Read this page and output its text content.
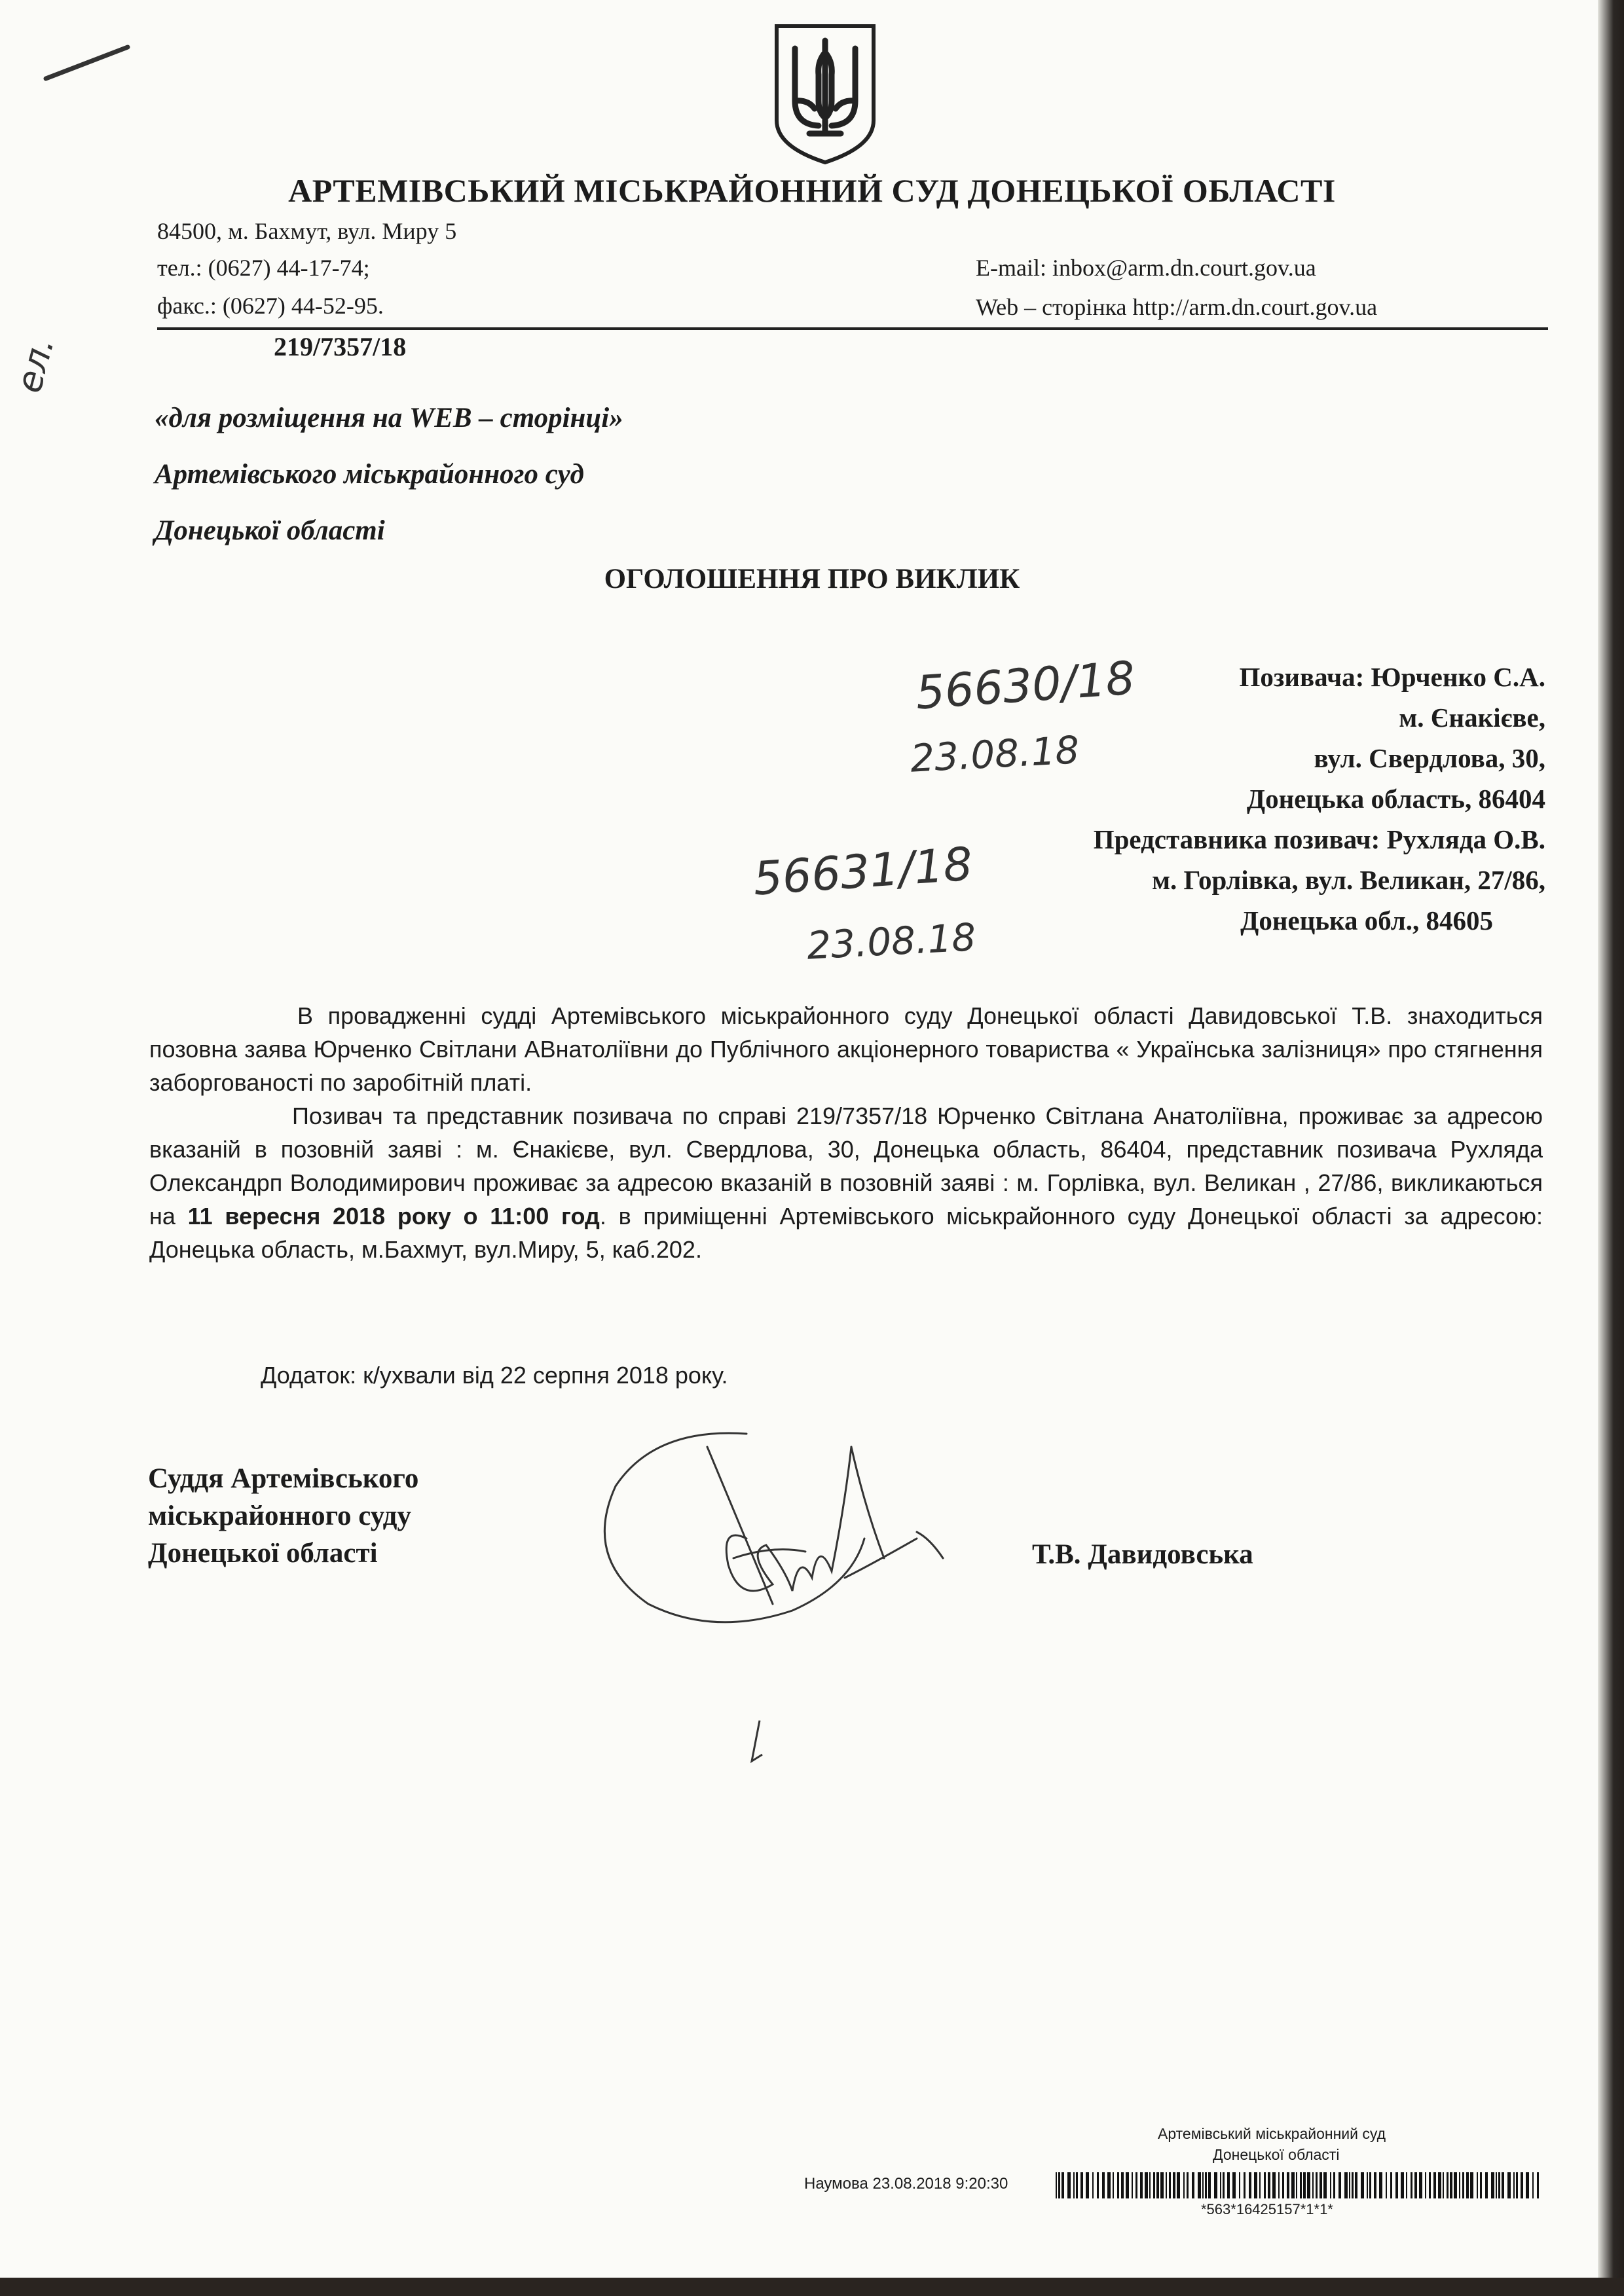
АРТЕМІВСЬКИЙ МІСЬКРАЙОННИЙ СУД ДОНЕЦЬКОЇ ОБЛАСТІ
84500, м. Бахмут, вул. Миру 5
тел.: (0627) 44-17-74;
факс.: (0627) 44-52-95.
E-mail: inbox@arm.dn.court.gov.ua
Web – сторінка http://arm.dn.court.gov.ua
219/7357/18
ел.
«для розміщення на WEB – сторінці»
Артемівського міськрайонного суд
Донецької області
ОГОЛОШЕННЯ ПРО ВИКЛИК
Позивача: Юрченко С.А.
м. Єнакієве,
вул. Свердлова, 30,
Донецька область, 86404
Представника позивач: Рухляда О.В.
м. Горлівка, вул. Великан, 27/86,
Донецька обл., 84605
56630/18
23.08.18
56631/18
23.08.18

В провадженні судді Артемівського міськрайонного суду Донецької області Давидовської Т.В. знаходиться позовна заява Юрченко Світлани АВнатоліївни до Публічного акціонерного товариства « Українська залізниця» про стягнення заборгованості по заробітній платі.

Позивач та представник позивача по справі 219/7357/18 Юрченко Світлана Анатоліївна, проживає за адресою вказаній в позовній заяві : м. Єнакієве, вул. Свердлова, 30, Донецька область, 86404, представник позивача Рухляда Олександрп Володимирович проживає за адресою вказаній в позовній заяві : м. Горлівка, вул. Великан , 27/86, викликаються на 11 вересня 2018 року о 11:00 год. в приміщенні Артемівського міськрайонного суду Донецької області за адресою: Донецька область, м.Бахмут, вул.Миру, 5, каб.202.

Додаток: к/ухвали від 22 серпня 2018 року.
Суддя Артемівського
міськрайонного суду
Донецької області	Т.В. Давидовська
Артемівський міськрайонний суд
Донецької області
Наумова 23.08.2018 9:20:30
*563*16425157*1*1*
